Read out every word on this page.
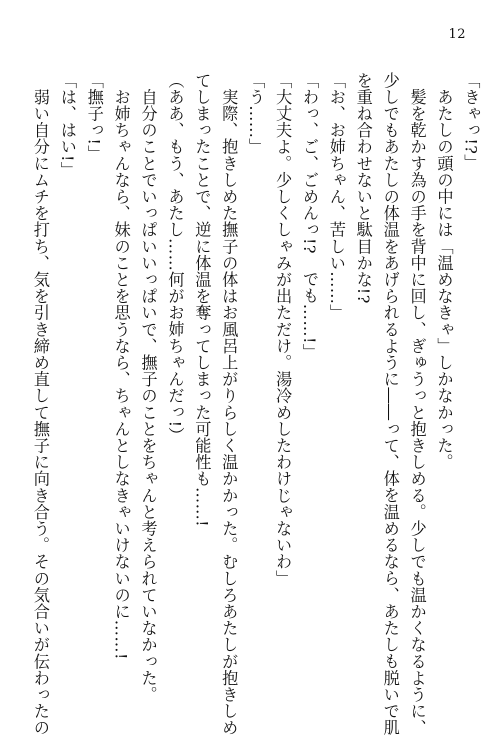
12
「きゃっ!?」
　あたしの頭の中には「温めなきゃ」しかなかった。
　髪を乾かす為の手を背中に回し、ぎゅうっと抱きしめる。少しでも温かくなるように、
少しでもあたしの体温をあげられるように――って、体を温めるなら、あたしも脱いで肌
を重ね合わせないと駄目かな!?
「お、お姉ちゃん、苦しい……」
「わっ、ご、ごめんっ!?　でも……!」
「大丈夫よ。少しくしゃみが出ただけ。湯冷めしたわけじゃないわ」
「う……」
　実際、抱きしめた撫子の体はお風呂上がりらしく温かかった。むしろあたしが抱きしめ
てしまったことで、逆に体温を奪ってしまった可能性も……!
（ああ、もう、あたし……何がお姉ちゃんだっ!）
　自分のことでいっぱいいっぱいで、撫子のことをちゃんと考えられていなかった。
　お姉ちゃんなら、妹のことを思うなら、ちゃんとしなきゃいけないのに……!
「撫子っ!」
「は、はい!」
　弱い自分にムチを打ち、気を引き締め直して撫子に向き合う。その気合いが伝わったの
